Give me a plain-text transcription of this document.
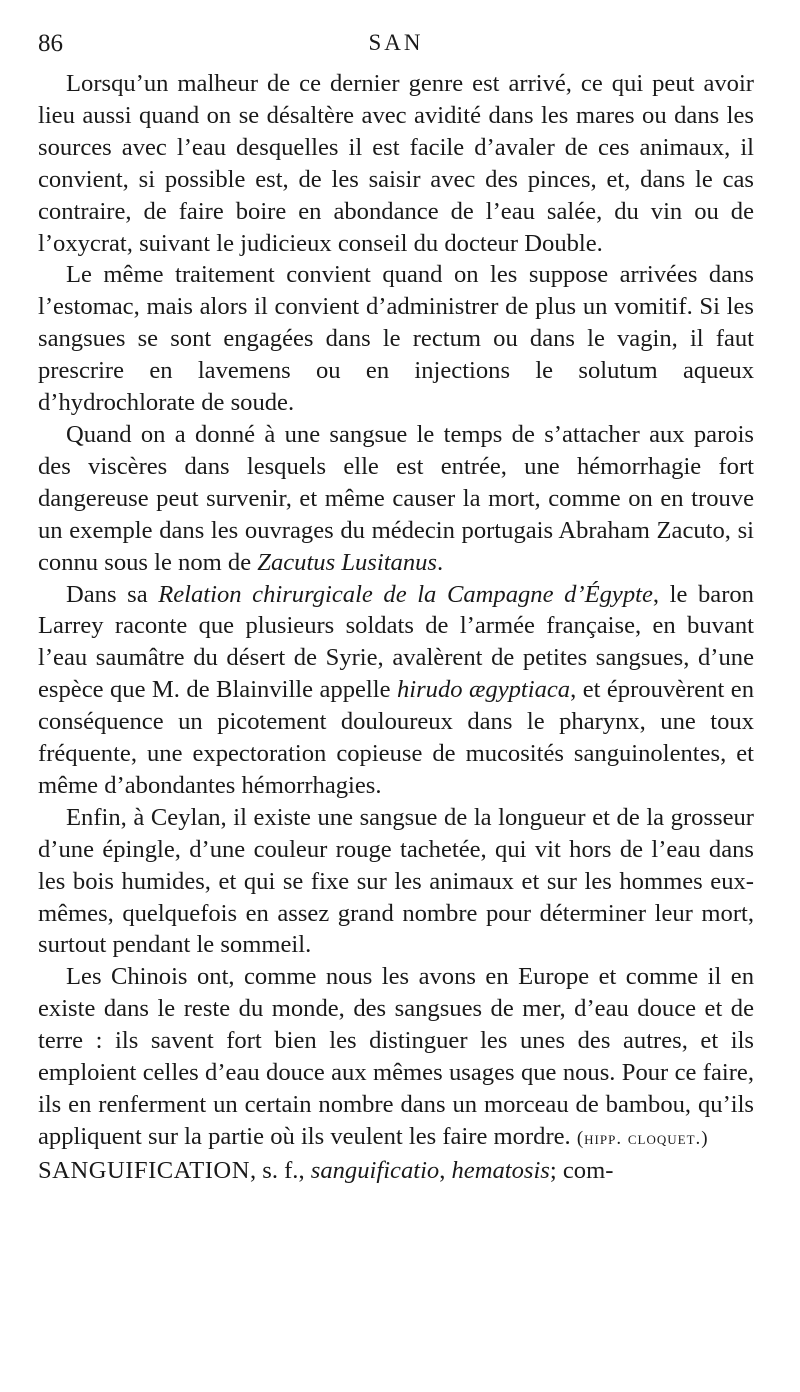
86	SAN

Lorsqu’un malheur de ce dernier genre est arrivé, ce qui peut avoir lieu aussi quand on se désaltère avec avidité dans les mares ou dans les sources avec l’eau desquelles il est facile d’avaler de ces animaux, il convient, si possible est, de les saisir avec des pinces, et, dans le cas contraire, de faire boire en abondance de l’eau salée, du vin ou de l’oxycrat, suivant le judicieux conseil du docteur Double.

Le même traitement convient quand on les suppose arrivées dans l’estomac, mais alors il convient d’administrer de plus un vomitif. Si les sangsues se sont engagées dans le rectum ou dans le vagin, il faut prescrire en lavemens ou en injections le solutum aqueux d’hydrochlorate de soude.

Quand on a donné à une sangsue le temps de s’attacher aux parois des viscères dans lesquels elle est entrée, une hémorrhagie fort dangereuse peut survenir, et même causer la mort, comme on en trouve un exemple dans les ouvrages du médecin portugais Abraham Zacuto, si connu sous le nom de Zacutus Lusitanus.

Dans sa Relation chirurgicale de la Campagne d’Égypte, le baron Larrey raconte que plusieurs soldats de l’armée française, en buvant l’eau saumâtre du désert de Syrie, avalèrent de petites sangsues, d’une espèce que M. de Blainville appelle hirudo ægyptiaca, et éprouvèrent en conséquence un picotement douloureux dans le pharynx, une toux fréquente, une expectoration copieuse de mucosités sanguinolentes, et même d’abondantes hémorrhagies.

Enfin, à Ceylan, il existe une sangsue de la longueur et de la grosseur d’une épingle, d’une couleur rouge tachetée, qui vit hors de l’eau dans les bois humides, et qui se fixe sur les animaux et sur les hommes eux-mêmes, quelquefois en assez grand nombre pour déterminer leur mort, surtout pendant le sommeil.

Les Chinois ont, comme nous les avons en Europe et comme il en existe dans le reste du monde, des sangsues de mer, d’eau douce et de terre : ils savent fort bien les distinguer les unes des autres, et ils emploient celles d’eau douce aux mêmes usages que nous. Pour ce faire, ils en renferment un certain nombre dans un morceau de bambou, qu’ils appliquent sur la partie où ils veulent les faire mordre. (hipp. cloquet.)

SANGUIFICATION, s. f., sanguificatio, hematosis; com-
